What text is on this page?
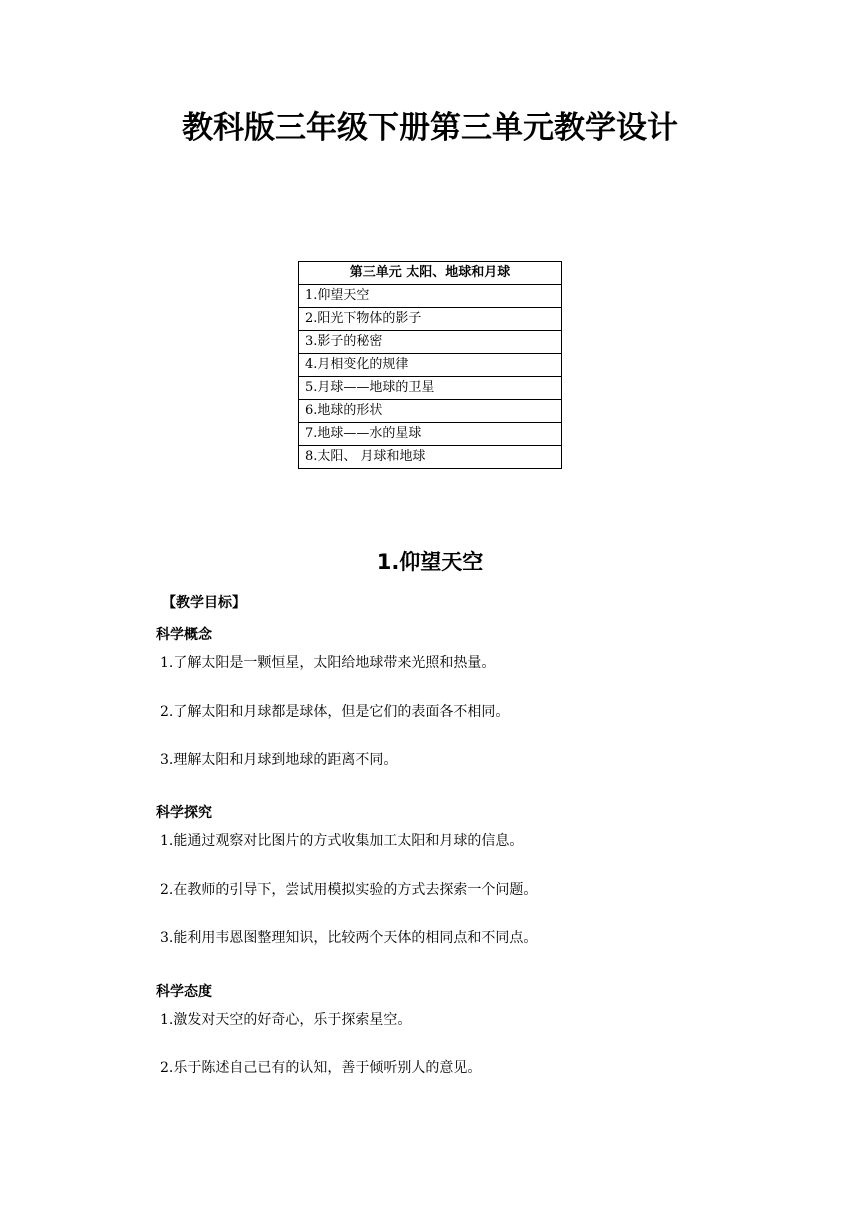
教科版三年级下册第三单元教学设计
第三单元 太阳、地球和月球
1.仰望天空
2.阳光下物体的影子
3.影子的秘密
4.月相变化的规律
5.月球——地球的卫星
6.地球的形状
7.地球——水的星球
8.太阳、 月球和地球
1.仰望天空
【教学目标】
科学概念
1.了解太阳是一颗恒星，太阳给地球带来光照和热量。
2.了解太阳和月球都是球体，但是它们的表面各不相同。
3.理解太阳和月球到地球的距离不同。
科学探究
1.能通过观察对比图片的方式收集加工太阳和月球的信息。
2.在教师的引导下，尝试用模拟实验的方式去探索一个问题。
3.能利用韦恩图整理知识，比较两个天体的相同点和不同点。
科学态度
1.激发对天空的好奇心，乐于探索星空。
2.乐于陈述自己已有的认知，善于倾听别人的意见。
